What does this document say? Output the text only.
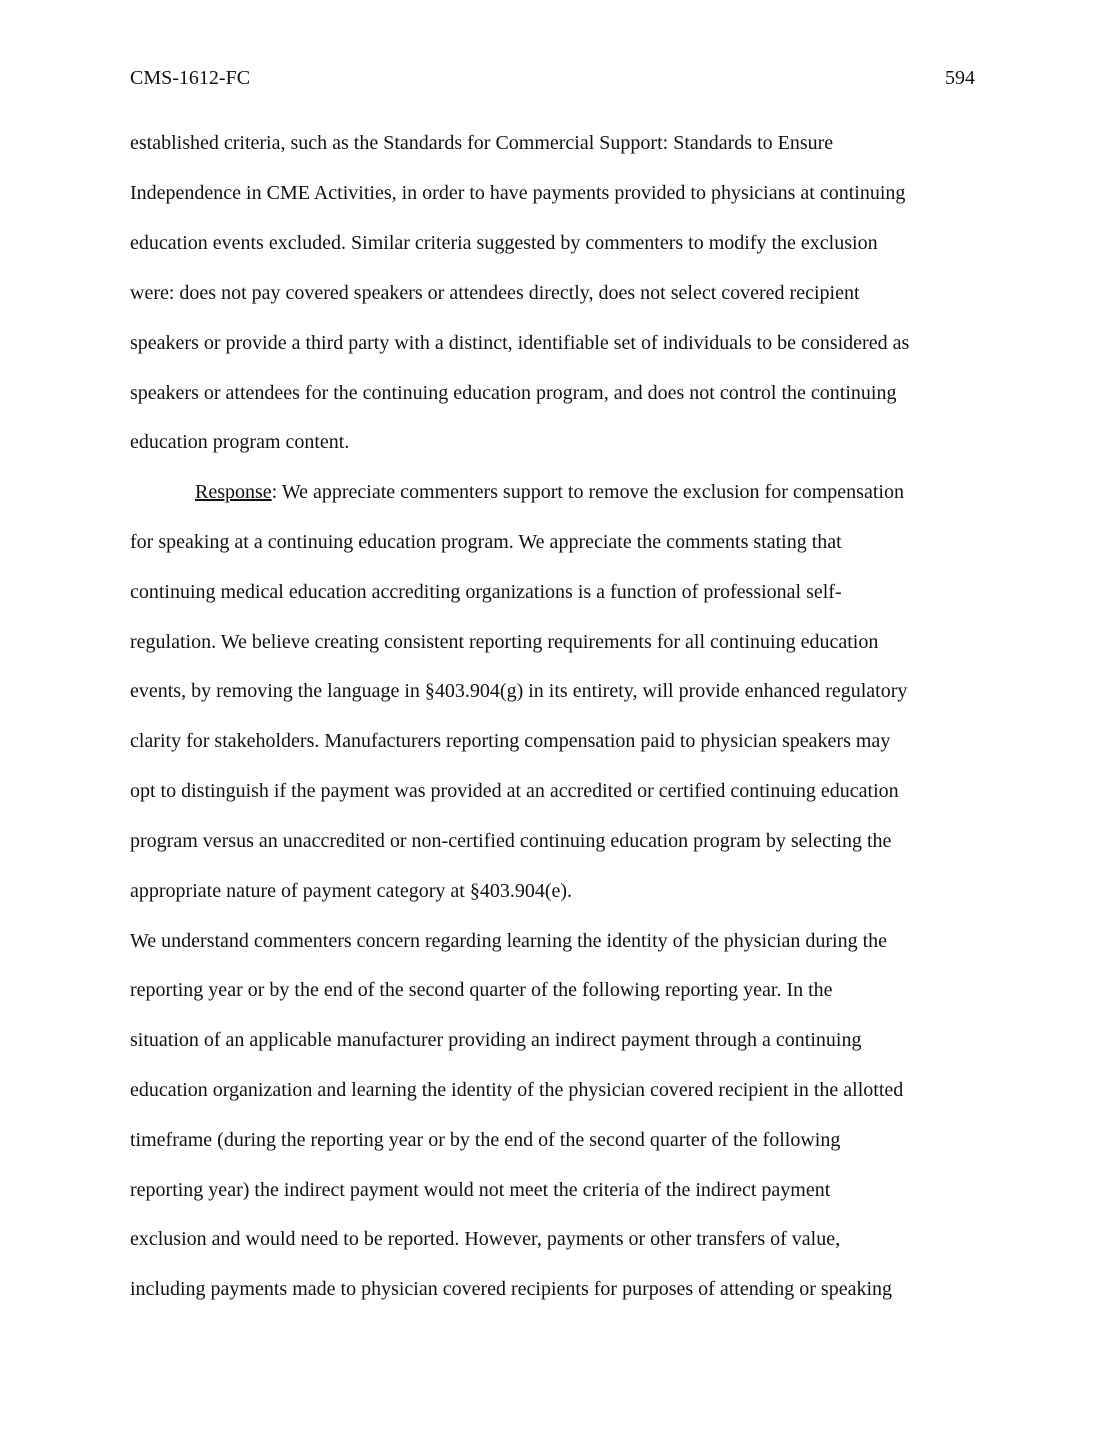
CMS-1612-FC	594
established criteria, such as the Standards for Commercial Support: Standards to Ensure
Independence in CME Activities, in order to have payments provided to physicians at continuing
education events excluded. Similar criteria suggested by commenters to modify the exclusion
were: does not pay covered speakers or attendees directly, does not select covered recipient
speakers or provide a third party with a distinct, identifiable set of individuals to be considered as
speakers or attendees for the continuing education program, and does not control the continuing
education program content.
Response: We appreciate commenters support to remove the exclusion for compensation
for speaking at a continuing education program. We appreciate the comments stating that
continuing medical education accrediting organizations is a function of professional self-
regulation. We believe creating consistent reporting requirements for all continuing education
events, by removing the language in §403.904(g) in its entirety, will provide enhanced regulatory
clarity for stakeholders. Manufacturers reporting compensation paid to physician speakers may
opt to distinguish if the payment was provided at an accredited or certified continuing education
program versus an unaccredited or non-certified continuing education program by selecting the
appropriate nature of payment category at §403.904(e).
We understand commenters concern regarding learning the identity of the physician during the
reporting year or by the end of the second quarter of the following reporting year. In the
situation of an applicable manufacturer providing an indirect payment through a continuing
education organization and learning the identity of the physician covered recipient in the allotted
timeframe (during the reporting year or by the end of the second quarter of the following
reporting year) the indirect payment would not meet the criteria of the indirect payment
exclusion and would need to be reported. However, payments or other transfers of value,
including payments made to physician covered recipients for purposes of attending or speaking
